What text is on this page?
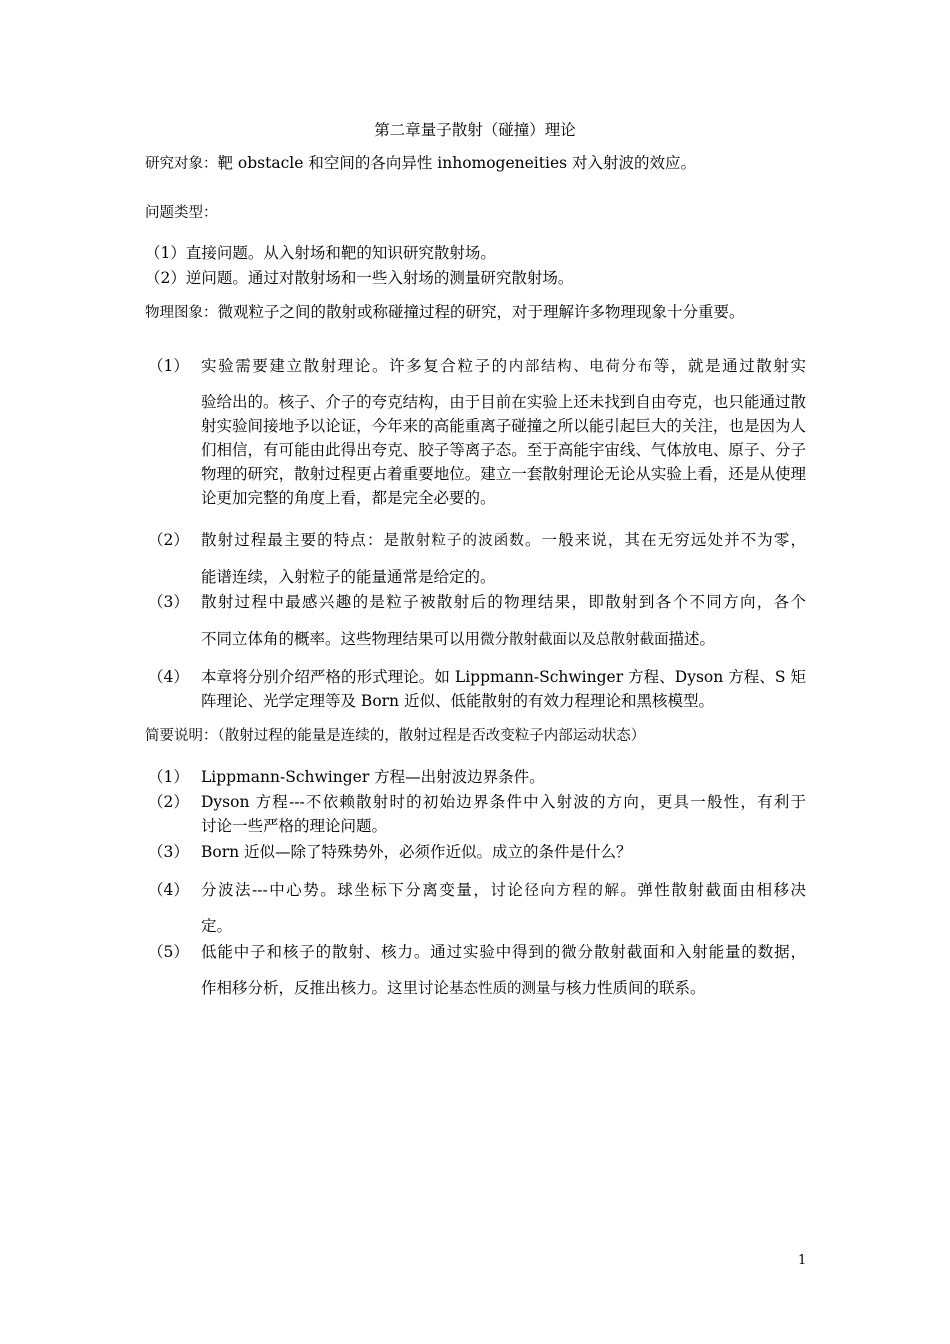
第二章量子散射（碰撞）理论
研究对象：靶 obstacle 和空间的各向异性 inhomogeneities 对入射波的效应。
问题类型：
（1）直接问题。从入射场和靶的知识研究散射场。
（2）逆问题。通过对散射场和一些入射场的测量研究散射场。
物理图象：微观粒子之间的散射或称碰撞过程的研究，对于理解许多物理现象十分重要。
（1） 实验需要建立散射理论。许多复合粒子的内部结构、电荷分布等，就是通过散射实
验给出的。核子、介子的夸克结构，由于目前在实验上还未找到自由夸克，也只能通过散射实验间接地予以论证，今年来的高能重离子碰撞之所以能引起巨大的关注，也是因为人们相信，有可能由此得出夸克、胶子等离子态。至于高能宇宙线、气体放电、原子、分子物理的研究，散射过程更占着重要地位。建立一套散射理论无论从实验上看，还是从使理论更加完整的角度上看，都是完全必要的。
（2） 散射过程最主要的特点：是散射粒子的波函数。一般来说，其在无穷远处并不为零，
能谱连续，入射粒子的能量通常是给定的。
（3） 散射过程中最感兴趣的是粒子被散射后的物理结果，即散射到各个不同方向，各个
不同立体角的概率。这些物理结果可以用微分散射截面以及总散射截面描述。
（4） 本章将分别介绍严格的形式理论。如 Lippmann-Schwinger 方程、Dyson 方程、S 矩
阵理论、光学定理等及 Born 近似、低能散射的有效力程理论和黑核模型。
简要说明：（散射过程的能量是连续的，散射过程是否改变粒子内部运动状态）
（1） Lippmann-Schwinger 方程—出射波边界条件。
（2） Dyson 方程---不依赖散射时的初始边界条件中入射波的方向，更具一般性，有利于
讨论一些严格的理论问题。
（3） Born 近似—除了特殊势外，必须作近似。成立的条件是什么？
（4） 分波法---中心势。球坐标下分离变量，讨论径向方程的解。弹性散射截面由相移决
定。
（5） 低能中子和核子的散射、核力。通过实验中得到的微分散射截面和入射能量的数据，
作相移分析，反推出核力。这里讨论基态性质的测量与核力性质间的联系。
1
